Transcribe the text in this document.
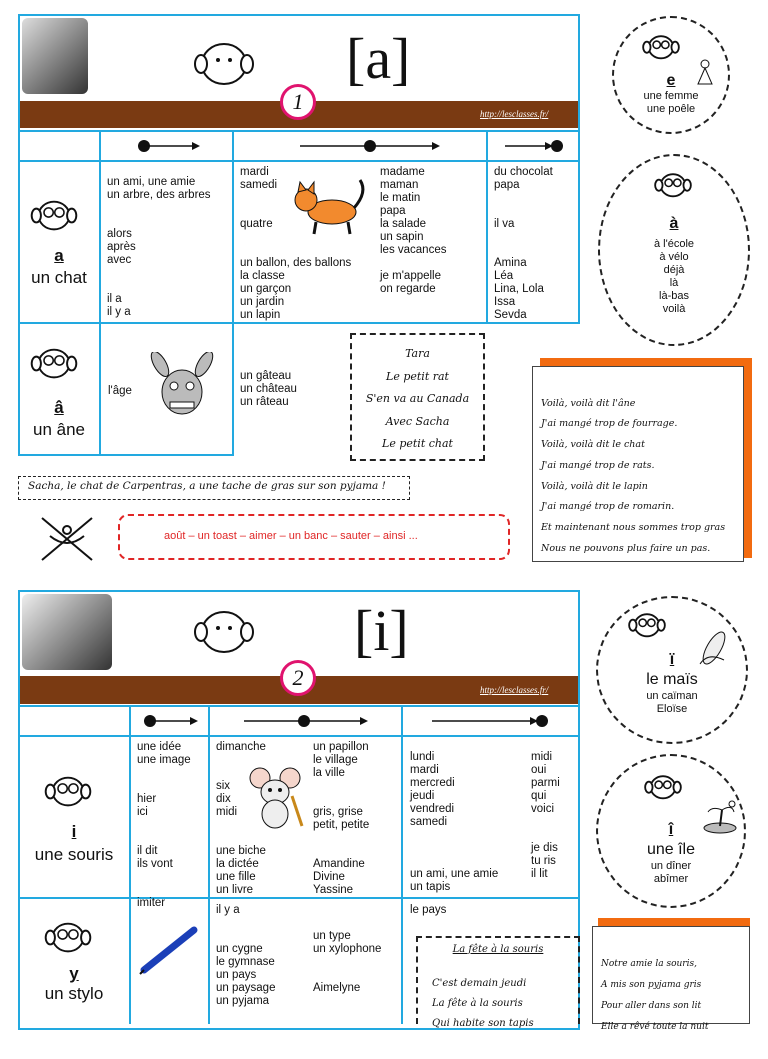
[a]
http://lesclasses.fr/
1
a
un chat
un ami, une amie
un arbre, des arbres

alors
après
avec

il a
il y a
mardi
samedi

quatre

un ballon, des ballons
la classe
un garçon
un jardin
un lapin
madame
maman
le matin
papa
la salade
un sapin
les vacances

je m'appelle
on regarde
du chocolat
papa

il va

Amina
Léa
Lina, Lola
Issa
Sevda
â
un âne
l'âge
un gâteau
un château
un râteau
Tara
Le petit rat
S'en va au Canada
Avec Sacha
Le petit chat
Sacha, le chat de Carpentras, a une tache de gras sur son pyjama !
août – un toast – aimer – un banc – sauter – ainsi ...
e
une femme
une poêle
à

à l'école
à vélo
déjà
là
là-bas
voilà

Voilà, voilà dit l'âne
J'ai mangé trop de fourrage.
Voilà, voilà dit le chat
J'ai mangé trop de rats.
Voilà, voilà dit le lapin
J'ai mangé trop de romarin.
Et maintenant nous sommes trop gras
Nous ne pouvons plus faire un pas.

[i]
http://lesclasses.fr/
2
i
une souris
une idée
une image

hier
ici

il dit
ils vont

imiter
dimanche

six
dix
midi

une biche
la dictée
une fille
un livre
un papillon
le village
la ville

gris, grise
petit, petite

Amandine
Divine
Yassine
lundi
mardi
mercredi
jeudi
vendredi
samedi

un ami, une amie
un tapis
midi
oui
parmi
qui
voici

je dis
tu ris
il lit
y
un stylo
il y a

un cygne
le gymnase
un pays
un paysage
un pyjama
un type
un xylophone

Aimelyne
le pays
La fête à la souris
C'est demain jeudi
La fête à la souris
Qui habite son tapis
ï
le maïs
un caïman
Eloïse
î
une île
un dîner
abîmer

Notre amie la souris,
A mis son pyjama gris
Pour aller dans son lit
Elle a rêvé toute la nuit
